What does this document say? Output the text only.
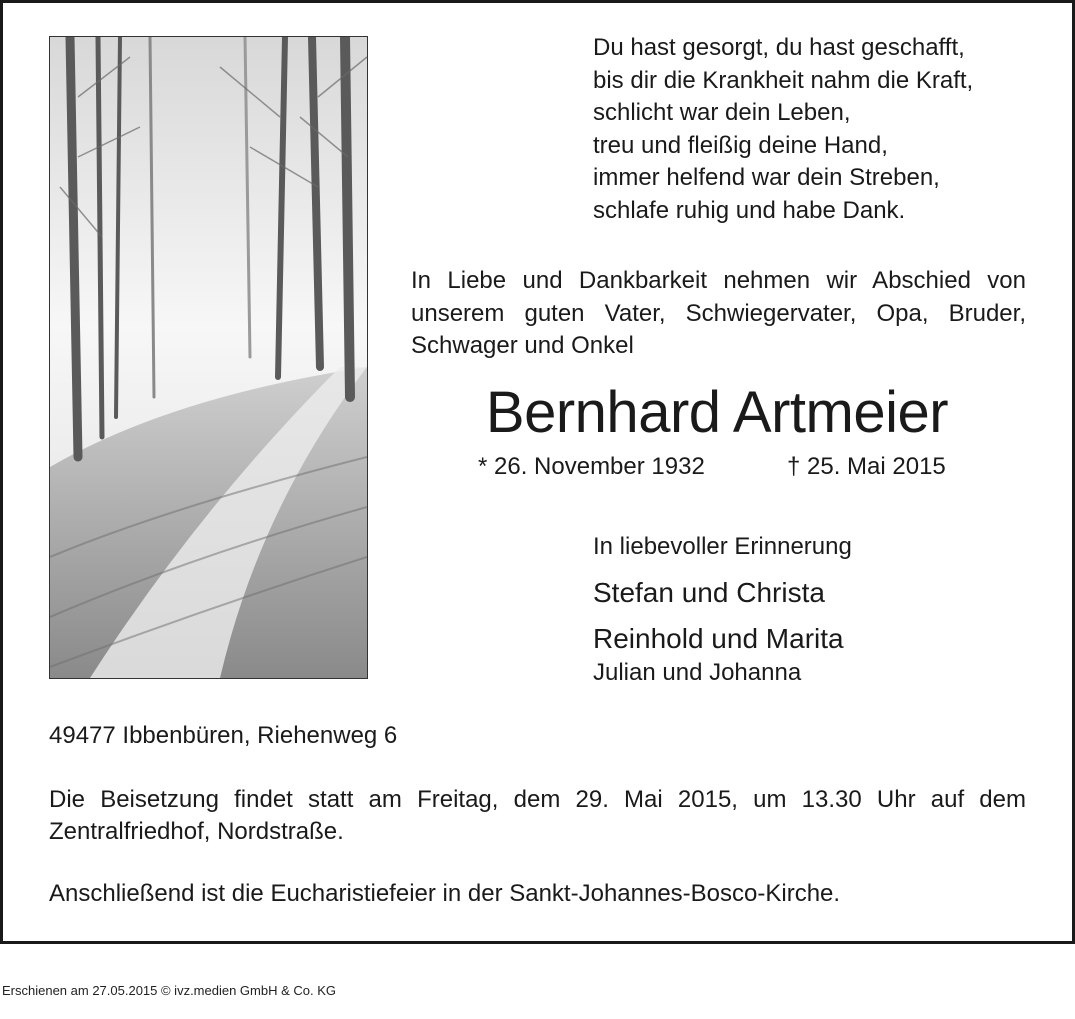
Du hast gesorgt, du hast geschafft,
bis dir die Krankheit nahm die Kraft,
schlicht war dein Leben,
treu und fleißig deine Hand,
immer helfend war dein Streben,
schlafe ruhig und habe Dank.
In Liebe und Dankbarkeit nehmen wir Abschied von unserem guten Vater, Schwiegervater, Opa, Bruder, Schwager und Onkel
Bernhard Artmeier
* 26. November 1932	† 25. Mai 2015
In liebevoller Erinnerung
Stefan und Christa
Reinhold und Marita
Julian und Johanna
49477 Ibbenbüren, Riehenweg 6
Die Beisetzung findet statt am Freitag, dem 29. Mai 2015, um 13.30 Uhr auf dem Zentralfriedhof, Nordstraße.
Anschließend ist die Eucharistiefeier in der Sankt-Johannes-Bosco-Kirche.
Erschienen am 27.05.2015 © ivz.medien GmbH & Co. KG
